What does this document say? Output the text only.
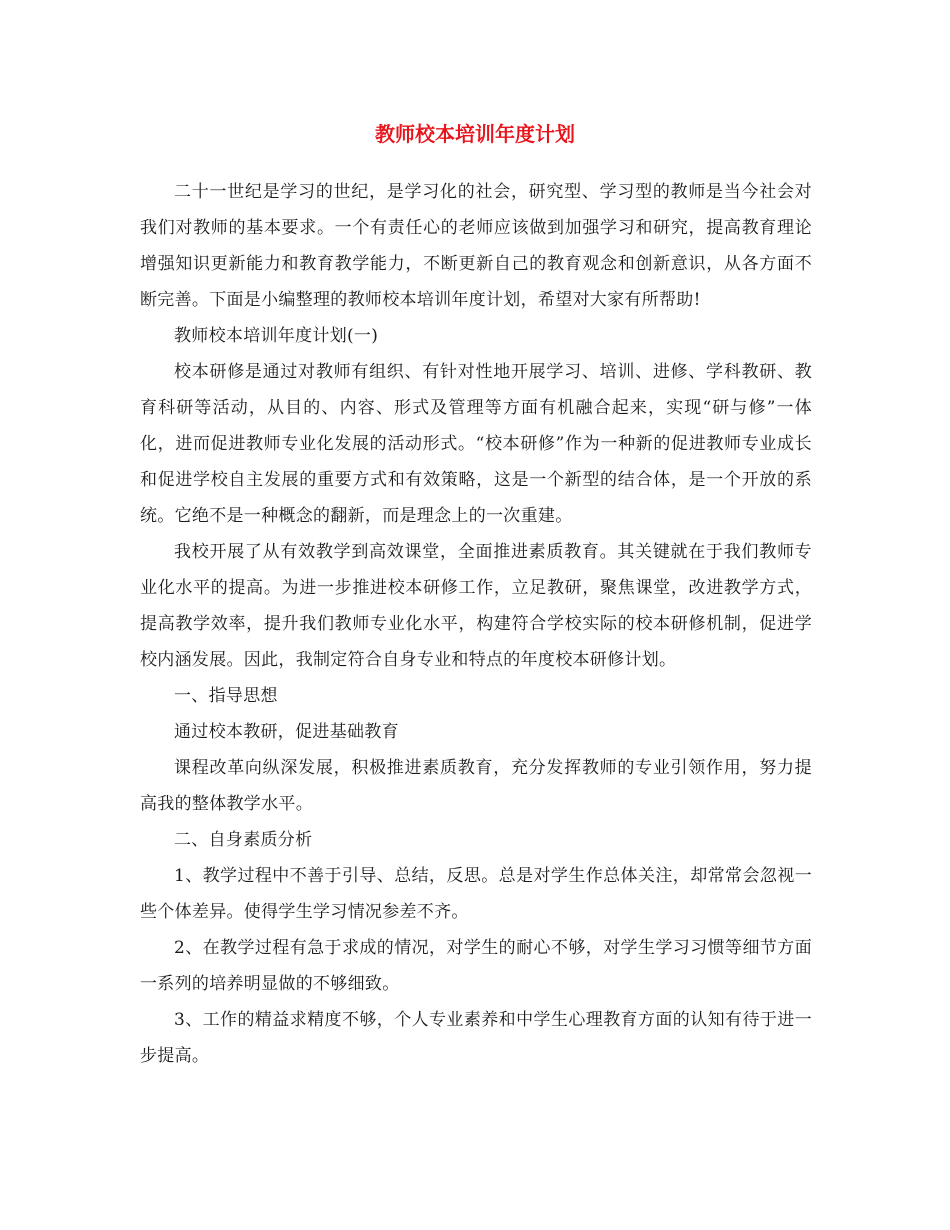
教师校本培训年度计划

二十一世纪是学习的世纪，是学习化的社会，研究型、学习型的教师是当今社会对我们对教师的基本要求。一个有责任心的老师应该做到加强学习和研究，提高教育理论增强知识更新能力和教育教学能力，不断更新自己的教育观念和创新意识，从各方面不断完善。下面是小编整理的教师校本培训年度计划，希望对大家有所帮助!

教师校本培训年度计划(一)

校本研修是通过对教师有组织、有针对性地开展学习、培训、进修、学科教研、教育科研等活动，从目的、内容、形式及管理等方面有机融合起来，实现“研与修”一体化，进而促进教师专业化发展的活动形式。“校本研修”作为一种新的促进教师专业成长和促进学校自主发展的重要方式和有效策略，这是一个新型的结合体，是一个开放的系统。它绝不是一种概念的翻新，而是理念上的一次重建。

我校开展了从有效教学到高效课堂，全面推进素质教育。其关键就在于我们教师专业化水平的提高。为进一步推进校本研修工作，立足教研，聚焦课堂，改进教学方式，提高教学效率，提升我们教师专业化水平，构建符合学校实际的校本研修机制，促进学校内涵发展。因此，我制定符合自身专业和特点的年度校本研修计划。

一、指导思想

通过校本教研，促进基础教育

课程改革向纵深发展，积极推进素质教育，充分发挥教师的专业引领作用，努力提高我的整体教学水平。

二、自身素质分析

1、教学过程中不善于引导、总结，反思。总是对学生作总体关注，却常常会忽视一些个体差异。使得学生学习情况参差不齐。

2、在教学过程有急于求成的情况，对学生的耐心不够，对学生学习习惯等细节方面一系列的培养明显做的不够细致。

3、工作的精益求精度不够，个人专业素养和中学生心理教育方面的认知有待于进一步提高。
